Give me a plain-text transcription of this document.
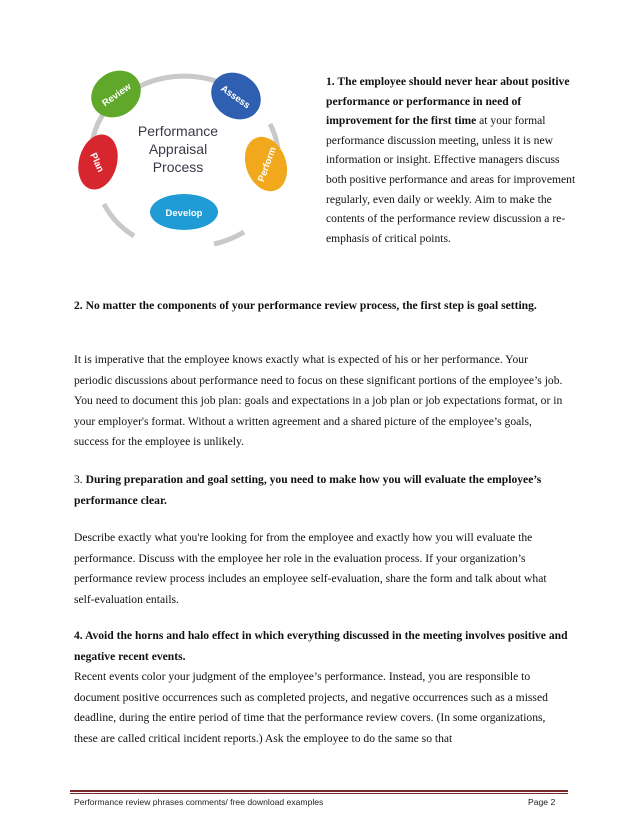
Review	Assess
Perform
Develop
Plan
Performance
Appraisal
Process
1. The employee should never hear about positive performance or performance in need of improvement for the first time at your formal performance discussion meeting, unless it is new information or insight. Effective managers discuss both positive performance and areas for improvement regularly, even daily or weekly. Aim to make the contents of the performance review discussion a re-emphasis of critical points.
2. No matter the components of your performance review process, the first step is goal setting.
It is imperative that the employee knows exactly what is expected of his or her performance. Your periodic discussions about performance need to focus on these significant portions of the employee’s job. You need to document this job plan: goals and expectations in a job plan or job expectations format, or in your employer's format. Without a written agreement and a shared picture of the employee’s goals, success for the employee is unlikely.
3. During preparation and goal setting, you need to make how you will evaluate the employee’s performance clear.
Describe exactly what you're looking for from the employee and exactly how you will evaluate the performance. Discuss with the employee her role in the evaluation process. If your organization’s performance review process includes an employee self-evaluation, share the form and talk about what self-evaluation entails.
4. Avoid the horns and halo effect in which everything discussed in the meeting involves positive and negative recent events.
Recent events color your judgment of the employee’s performance. Instead, you are responsible to document positive occurrences such as completed projects, and negative occurrences such as a missed deadline, during the entire period of time that the performance review covers. (In some organizations, these are called critical incident reports.) Ask the employee to do the same so that
Performance review phrases comments/ free download examples	Page 2
